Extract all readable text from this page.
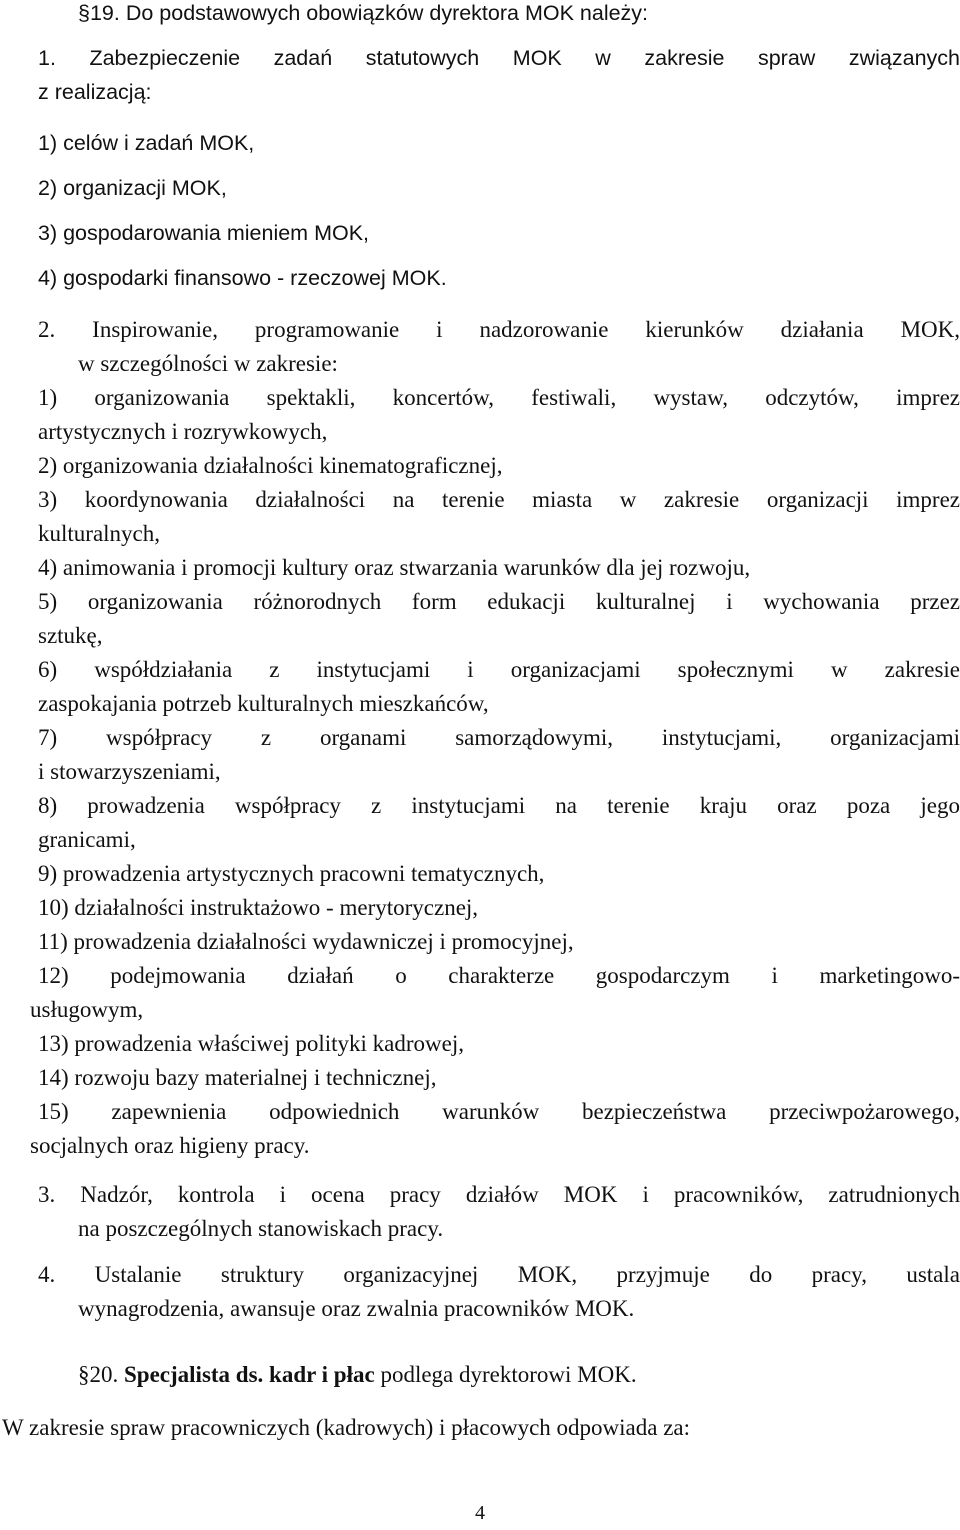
§19. Do podstawowych obowiązków dyrektora MOK należy:

1. Zabezpieczenie zadań statutowych MOK w zakresie spraw związanych

z realizacją:

1) celów i zadań MOK,

2) organizacji MOK,

3) gospodarowania mieniem MOK,

4) gospodarki finansowo - rzeczowej MOK.

2. Inspirowanie, programowanie i nadzorowanie kierunków działania MOK,

w szczególności w zakresie:

1) organizowania spektakli, koncertów, festiwali, wystaw, odczytów, imprez

artystycznych i rozrywkowych,

2) organizowania działalności kinematograficznej,

3) koordynowania działalności na terenie miasta w zakresie organizacji imprez

kulturalnych,

4) animowania i promocji kultury oraz stwarzania warunków dla jej rozwoju,

5) organizowania różnorodnych form edukacji kulturalnej i wychowania przez

sztukę,

6) współdziałania z instytucjami i organizacjami społecznymi w zakresie

zaspokajania potrzeb kulturalnych mieszkańców,

7) współpracy z organami samorządowymi, instytucjami, organizacjami

i stowarzyszeniami,

8) prowadzenia współpracy z instytucjami na terenie kraju oraz poza jego

granicami,

9) prowadzenia artystycznych pracowni tematycznych,

10) działalności instruktażowo - merytorycznej,

11) prowadzenia działalności wydawniczej i promocyjnej,

12) podejmowania działań o charakterze gospodarczym i marketingowo-

usługowym,

13) prowadzenia właściwej polityki kadrowej,

14) rozwoju bazy materialnej i technicznej,

15) zapewnienia odpowiednich warunków bezpieczeństwa przeciwpożarowego,

socjalnych oraz higieny pracy.

3. Nadzór, kontrola i ocena pracy działów MOK i pracowników, zatrudnionych

na poszczególnych stanowiskach pracy.

4. Ustalanie struktury organizacyjnej MOK, przyjmuje do pracy, ustala

wynagrodzenia, awansuje oraz zwalnia pracowników MOK.

§20. Specjalista ds. kadr i płac podlega dyrektorowi MOK.

W zakresie spraw pracowniczych (kadrowych) i płacowych odpowiada za:

4
